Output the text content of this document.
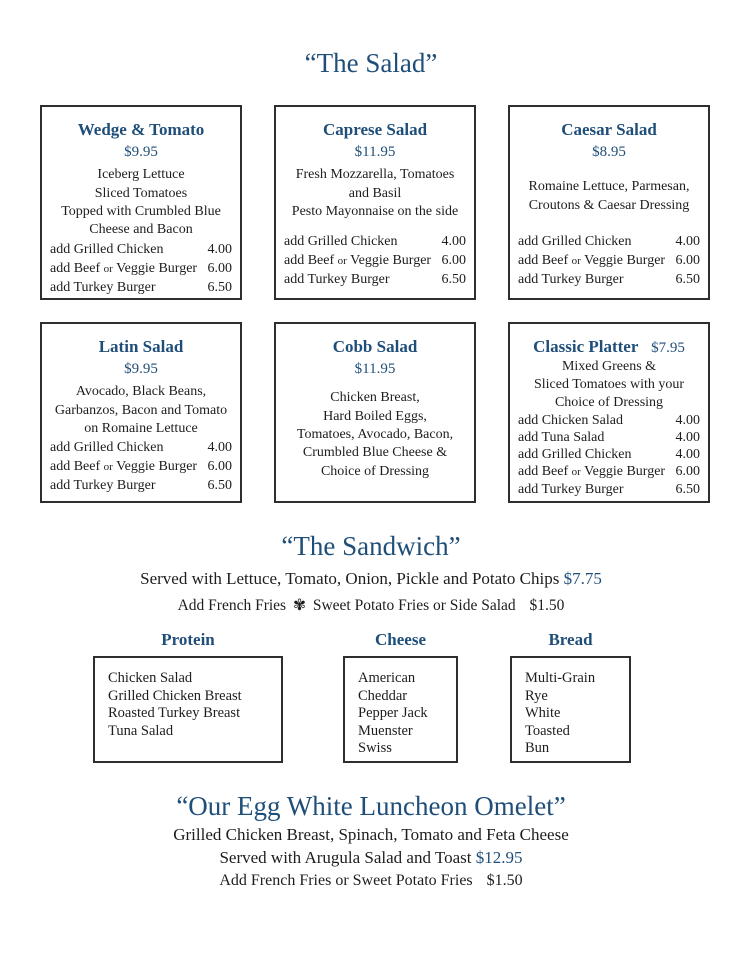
“The Salad”
Wedge & Tomato
$9.95
Iceberg Lettuce
Sliced Tomatoes
Topped with Crumbled Blue
Cheese and Bacon
add Grilled Chicken	4.00
add Beef or Veggie Burger 6.00
add Turkey Burger	6.50
Caprese Salad
$11.95
Fresh Mozzarella, Tomatoes
and Basil
Pesto Mayonnaise on the side
add Grilled Chicken	4.00
add Beef or Veggie Burger 6.00
add Turkey Burger	6.50
Caesar Salad
$8.95
Romaine Lettuce, Parmesan,
Croutons & Caesar Dressing
add Grilled Chicken	4.00
add Beef or Veggie Burger 6.00
add Turkey Burger	6.50
Latin Salad
$9.95
Avocado, Black Beans,
Garbanzos, Bacon and Tomato
on Romaine Lettuce
add Grilled Chicken	4.00
add Beef or Veggie Burger 6.00
add Turkey Burger	6.50
Cobb Salad
$11.95
Chicken Breast,
Hard Boiled Eggs,
Tomatoes, Avocado, Bacon,
Crumbled Blue Cheese &
Choice of Dressing
Classic Platter $7.95
Mixed Greens &
Sliced Tomatoes with your
Choice of Dressing
add Chicken Salad	4.00
add Tuna Salad	4.00
add Grilled Chicken	4.00
add Beef or Veggie Burger 6.00
add Turkey Burger	6.50
“The Sandwich”
Served with Lettuce, Tomato, Onion, Pickle and Potato Chips $7.75
Add French Fries ✾ Sweet Potato Fries or Side Salad $1.50
Protein
Chicken Salad
Grilled Chicken Breast
Roasted Turkey Breast
Tuna Salad
Cheese
American
Cheddar
Pepper Jack
Muenster
Swiss
Bread
Multi-Grain
Rye
White
Toasted
Bun
“Our Egg White Luncheon Omelet”
Grilled Chicken Breast, Spinach, Tomato and Feta Cheese
Served with Arugula Salad and Toast $12.95
Add French Fries or Sweet Potato Fries $1.50
